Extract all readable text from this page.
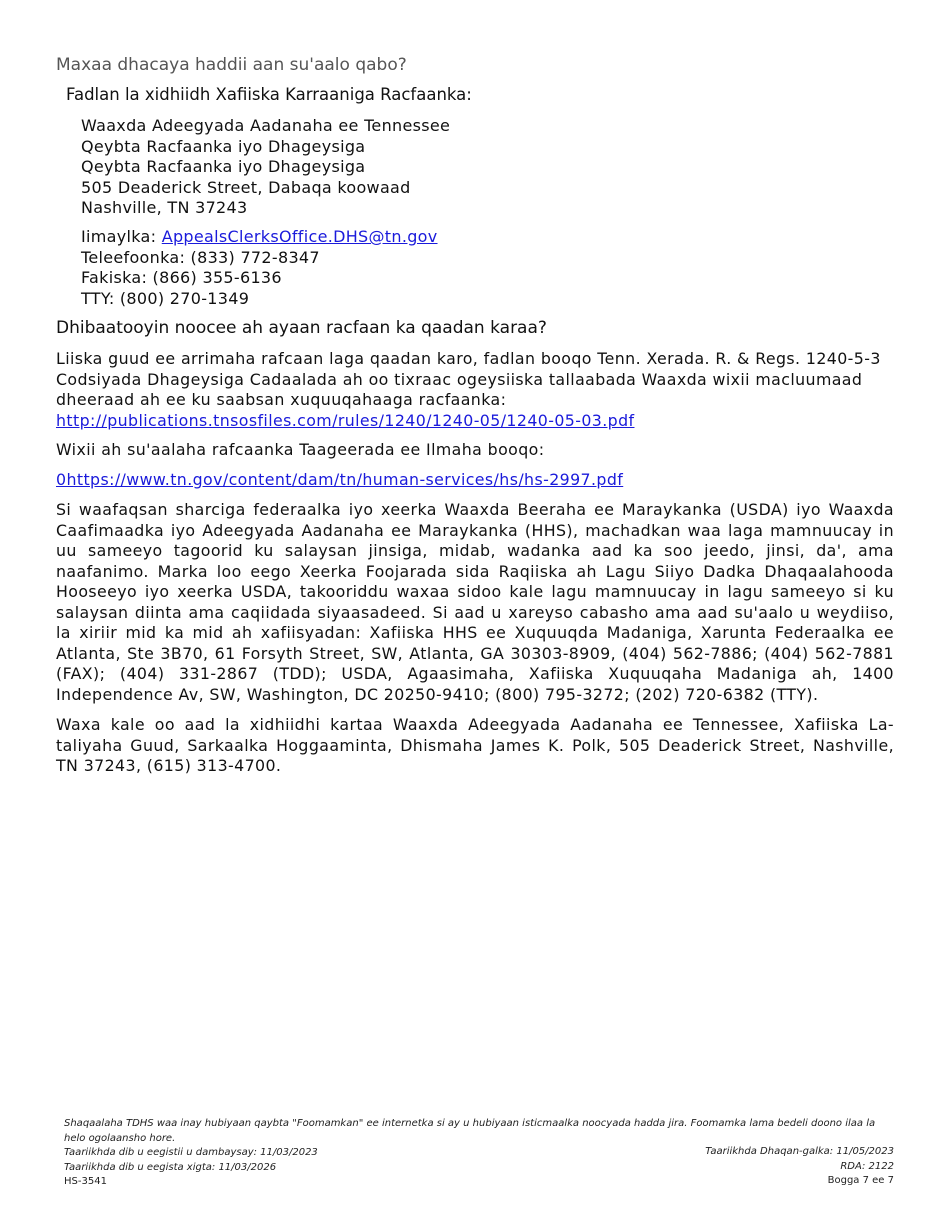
Maxaa dhacaya haddii aan su'aalo qabo?
Fadlan la xidhiidh Xafiiska Karraaniga Racfaanka:
Waaxda Adeegyada Aadanaha ee Tennessee
Qeybta Racfaanka iyo Dhageysiga
Qeybta Racfaanka iyo Dhageysiga
505 Deaderick Street, Dabaqa koowaad
Nashville, TN 37243
Iimaylka: AppealsClerksOffice.DHS@tn.gov
Teleefoonka: (833) 772-8347
Fakiska: (866) 355-6136
TTY: (800) 270-1349
Dhibaatooyin noocee ah ayaan racfaan ka qaadan karaa?
Liiska guud ee arrimaha rafcaan laga qaadan karo, fadlan booqo Tenn. Xerada. R. & Regs. 1240-5-3 Codsiyada Dhageysiga Cadaalada ah oo tixraac ogeysiiska tallaabada Waaxda wixii macluumaad dheeraad ah ee ku saabsan xuquuqahaaga racfaanka: http://publications.tnsosfiles.com/rules/1240/1240-05/1240-05-03.pdf
Wixii ah su'aalaha rafcaanka Taageerada ee Ilmaha booqo:
0https://www.tn.gov/content/dam/tn/human-services/hs/hs-2997.pdf
Si waafaqsan sharciga federaalka iyo xeerka Waaxda Beeraha ee Maraykanka (USDA) iyo Waaxda Caafimaadka iyo Adeegyada Aadanaha ee Maraykanka (HHS), machadkan waa laga mamnuucay in uu sameeyo tagoorid ku salaysan jinsiga, midab, wadanka aad ka soo jeedo, jinsi, da', ama naafanimo. Marka loo eego Xeerka Foojarada sida Raqiiska ah Lagu Siiyo Dadka Dhaqaalahooda Hooseeyo iyo xeerka USDA, takooriddu waxaa sidoo kale lagu mamnuucay in lagu sameeyo si ku salaysan diinta ama caqiidada siyaasadeed. Si aad u xareyso cabasho ama aad su'aalo u weydiiso, la xiriir mid ka mid ah xafiisyadan: Xafiiska HHS ee Xuquuqda Madaniga, Xarunta Federaalka ee Atlanta, Ste 3B70, 61 Forsyth Street, SW, Atlanta, GA 30303-8909, (404) 562-7886; (404) 562-7881 (FAX); (404) 331-2867 (TDD); USDA, Agaasimaha, Xafiiska Xuquuqaha Madaniga ah, 1400 Independence Av, SW, Washington, DC 20250-9410; (800) 795-3272; (202) 720-6382 (TTY).
Waxa kale oo aad la xidhiidhi kartaa Waaxda Adeegyada Aadanaha ee Tennessee, Xafiiska La-taliyaha Guud, Sarkaalka Hoggaaminta, Dhismaha James K. Polk, 505 Deaderick Street, Nashville, TN 37243, (615) 313-4700.
Shaqaalaha TDHS waa inay hubiyaan qaybta "Foomamkan" ee internetka si ay u hubiyaan isticmaalka noocyada hadda jira. Foomamka lama bedeli doono ilaa la helo ogolaansho hore.
Taariikhda dib u eegistii u dambaysay: 11/03/2023
Taariikhda dib u eegista xigta: 11/03/2026
HS-3541
Taariikhda Dhaqan-galka: 11/05/2023
RDA: 2122
Bogga 7 ee 7
